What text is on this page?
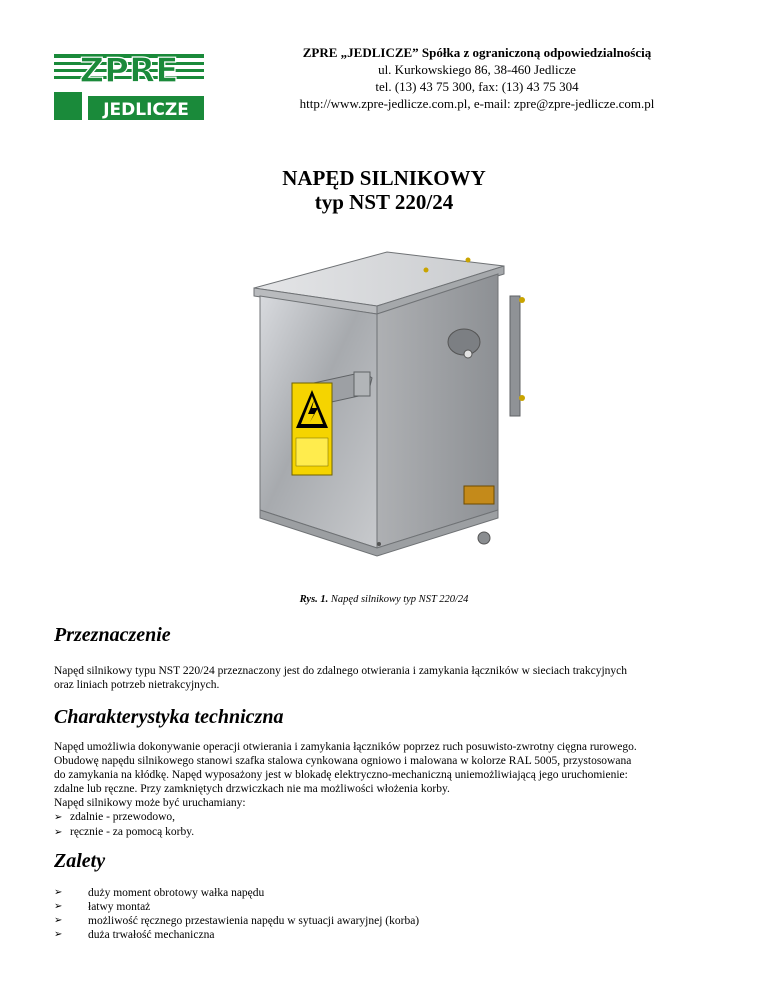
ZPRE
JEDLICZE
ZPRE „JEDLICZE” Spółka z ograniczoną odpowiedzialnością
ul. Kurkowskiego 86, 38-460 Jedlicze
tel. (13) 43 75 300, fax: (13) 43 75 304
http://www.zpre-jedlicze.com.pl, e-mail: zpre@zpre-jedlicze.com.pl
NAPĘD SILNIKOWY
typ NST 220/24
Rys. 1. Napęd silnikowy typ NST 220/24
Przeznaczenie
Napęd silnikowy typu NST 220/24 przeznaczony jest do zdalnego otwierania i zamykania łączników w sieciach trakcyjnych
oraz liniach potrzeb nietrakcyjnych.
Charakterystyka techniczna
Napęd umożliwia dokonywanie operacji otwierania i zamykania łączników poprzez ruch posuwisto-zwrotny cięgna rurowego.
Obudowę napędu silnikowego stanowi szafka stalowa cynkowana ogniowo i malowana w kolorze RAL 5005, przystosowana
do zamykania na kłódkę. Napęd wyposażony jest w blokadę elektryczno-mechaniczną uniemożliwiającą jego uruchomienie:
zdalne lub ręczne. Przy zamkniętych drzwiczkach nie ma możliwości włożenia korby.
Napęd silnikowy może być uruchamiany:
➢ zdalnie - przewodowo,
➢ ręcznie - za pomocą korby.
Zalety
➢	duży moment obrotowy wałka napędu
➢	łatwy montaż
➢	możliwość ręcznego przestawienia napędu w sytuacji awaryjnej (korba)
➢	duża trwałość mechaniczna
